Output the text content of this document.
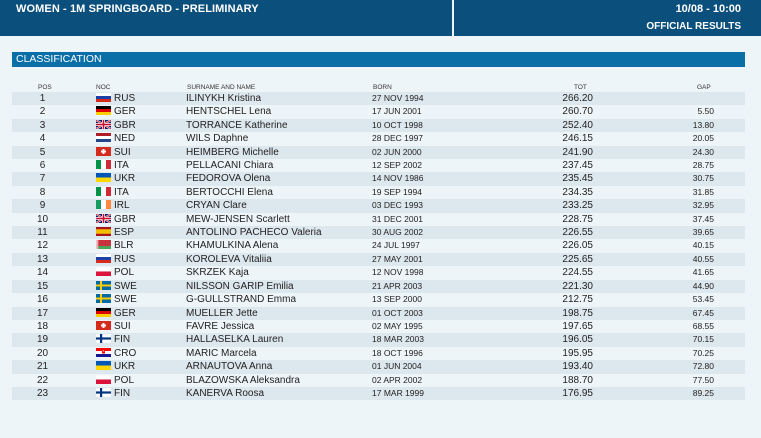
WOMEN - 1M SPRINGBOARD - PRELIMINARY	10/08 - 10:00
OFFICIAL RESULTS
CLASSIFICATION
POS	NOC	SURNAME AND NAME	BORN	TOT	GAP
1	RUS	ILINYKH Kristina	27 NOV 1994	266.20	
2	GER	HENTSCHEL Lena	17 JUN 2001	260.70	5.50
3	GBR	TORRANCE Katherine	10 OCT 1998	252.40	13.80
4	NED	WILS Daphne	28 DEC 1997	246.15	20.05
5	SUI	HEIMBERG Michelle	02 JUN 2000	241.90	24.30
6	ITA	PELLACANI Chiara	12 SEP 2002	237.45	28.75
7	UKR	FEDOROVA Olena	14 NOV 1986	235.45	30.75
8	ITA	BERTOCCHI Elena	19 SEP 1994	234.35	31.85
9	IRL	CRYAN Clare	03 DEC 1993	233.25	32.95
10	GBR	MEW-JENSEN Scarlett	31 DEC 2001	228.75	37.45
11	ESP	ANTOLINO PACHECO Valeria	30 AUG 2002	226.55	39.65
12	BLR	KHAMULKINA Alena	24 JUL 1997	226.05	40.15
13	RUS	KOROLEVA Vitaliia	27 MAY 2001	225.65	40.55
14	POL	SKRZEK Kaja	12 NOV 1998	224.55	41.65
15	SWE	NILSSON GARIP Emilia	21 APR 2003	221.30	44.90
16	SWE	G-GULLSTRAND Emma	13 SEP 2000	212.75	53.45
17	GER	MUELLER Jette	01 OCT 2003	198.75	67.45
18	SUI	FAVRE Jessica	02 MAY 1995	197.65	68.55
19	FIN	HALLASELKA Lauren	18 MAR 2003	196.05	70.15
20	CRO	MARIC Marcela	18 OCT 1996	195.95	70.25
21	UKR	ARNAUTOVA Anna	01 JUN 2004	193.40	72.80
22	POL	BLAZOWSKA Aleksandra	02 APR 2002	188.70	77.50
23	FIN	KANERVA Roosa	17 MAR 1999	176.95	89.25
